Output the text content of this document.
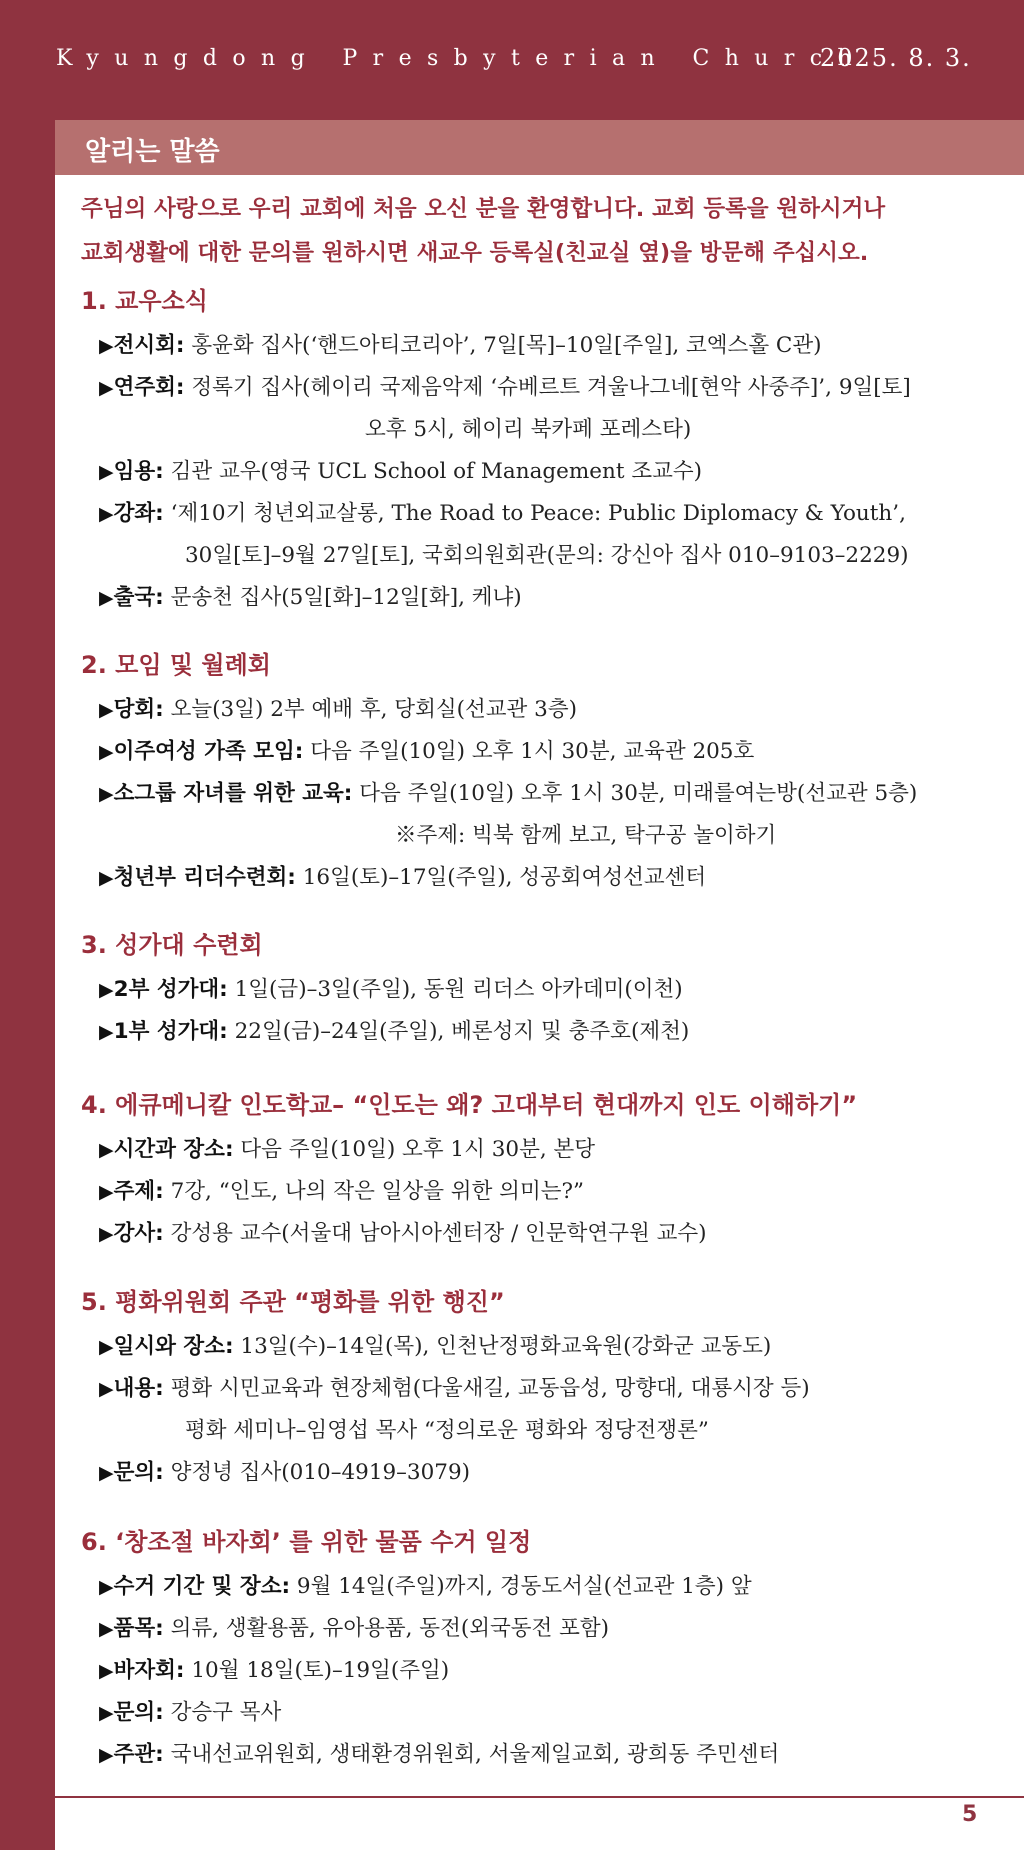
Kyungdong Presbyterian Church
2025. 8. 3.
알리는 말씀

주님의 사랑으로 우리 교회에 처음 오신 분을 환영합니다. 교회 등록을 원하시거나

교회생활에 대한 문의를 원하시면 새교우 등록실(친교실 옆)을 방문해 주십시오.

1. 교우소식
▶전시회: 홍윤화 집사(‘핸드아티코리아’, 7일[목]–10일[주일], 코엑스홀 C관)
▶연주회: 정록기 집사(헤이리 국제음악제 ‘슈베르트 겨울나그네[현악 사중주]’, 9일[토]
오후 5시, 헤이리 북카페 포레스타)
▶임용: 김관 교우(영국 UCL School of Management 조교수)
▶강좌: ‘제10기 청년외교살롱, The Road to Peace: Public Diplomacy & Youth’,
30일[토]–9월 27일[토], 국회의원회관(문의: 강신아 집사 010–9103–2229)
▶출국: 문송천 집사(5일[화]–12일[화], 케냐)
2. 모임 및 월례회
▶당회: 오늘(3일) 2부 예배 후, 당회실(선교관 3층)
▶이주여성 가족 모임: 다음 주일(10일) 오후 1시 30분, 교육관 205호
▶소그룹 자녀를 위한 교육: 다음 주일(10일) 오후 1시 30분, 미래를여는방(선교관 5층)
※주제: 빅북 함께 보고, 탁구공 놀이하기
▶청년부 리더수련회: 16일(토)–17일(주일), 성공회여성선교센터
3. 성가대 수련회
▶2부 성가대: 1일(금)–3일(주일), 동원 리더스 아카데미(이천)
▶1부 성가대: 22일(금)–24일(주일), 베론성지 및 충주호(제천)
4. 에큐메니칼 인도학교– “인도는 왜? 고대부터 현대까지 인도 이해하기”
▶시간과 장소: 다음 주일(10일) 오후 1시 30분, 본당
▶주제: 7강, “인도, 나의 작은 일상을 위한 의미는?”
▶강사: 강성용 교수(서울대 남아시아센터장 / 인문학연구원 교수)
5. 평화위원회 주관 “평화를 위한 행진”
▶일시와 장소: 13일(수)–14일(목), 인천난정평화교육원(강화군 교동도)
▶내용: 평화 시민교육과 현장체험(다울새길, 교동읍성, 망향대, 대룡시장 등)
평화 세미나–임영섭 목사 “정의로운 평화와 정당전쟁론”
▶문의: 양정녕 집사(010–4919–3079)
6. ‘창조절 바자회’ 를 위한 물품 수거 일정
▶수거 기간 및 장소: 9월 14일(주일)까지, 경동도서실(선교관 1층) 앞
▶품목: 의류, 생활용품, 유아용품, 동전(외국동전 포함)
▶바자회: 10월 18일(토)–19일(주일)
▶문의: 강승구 목사
▶주관: 국내선교위원회, 생태환경위원회, 서울제일교회, 광희동 주민센터
5
